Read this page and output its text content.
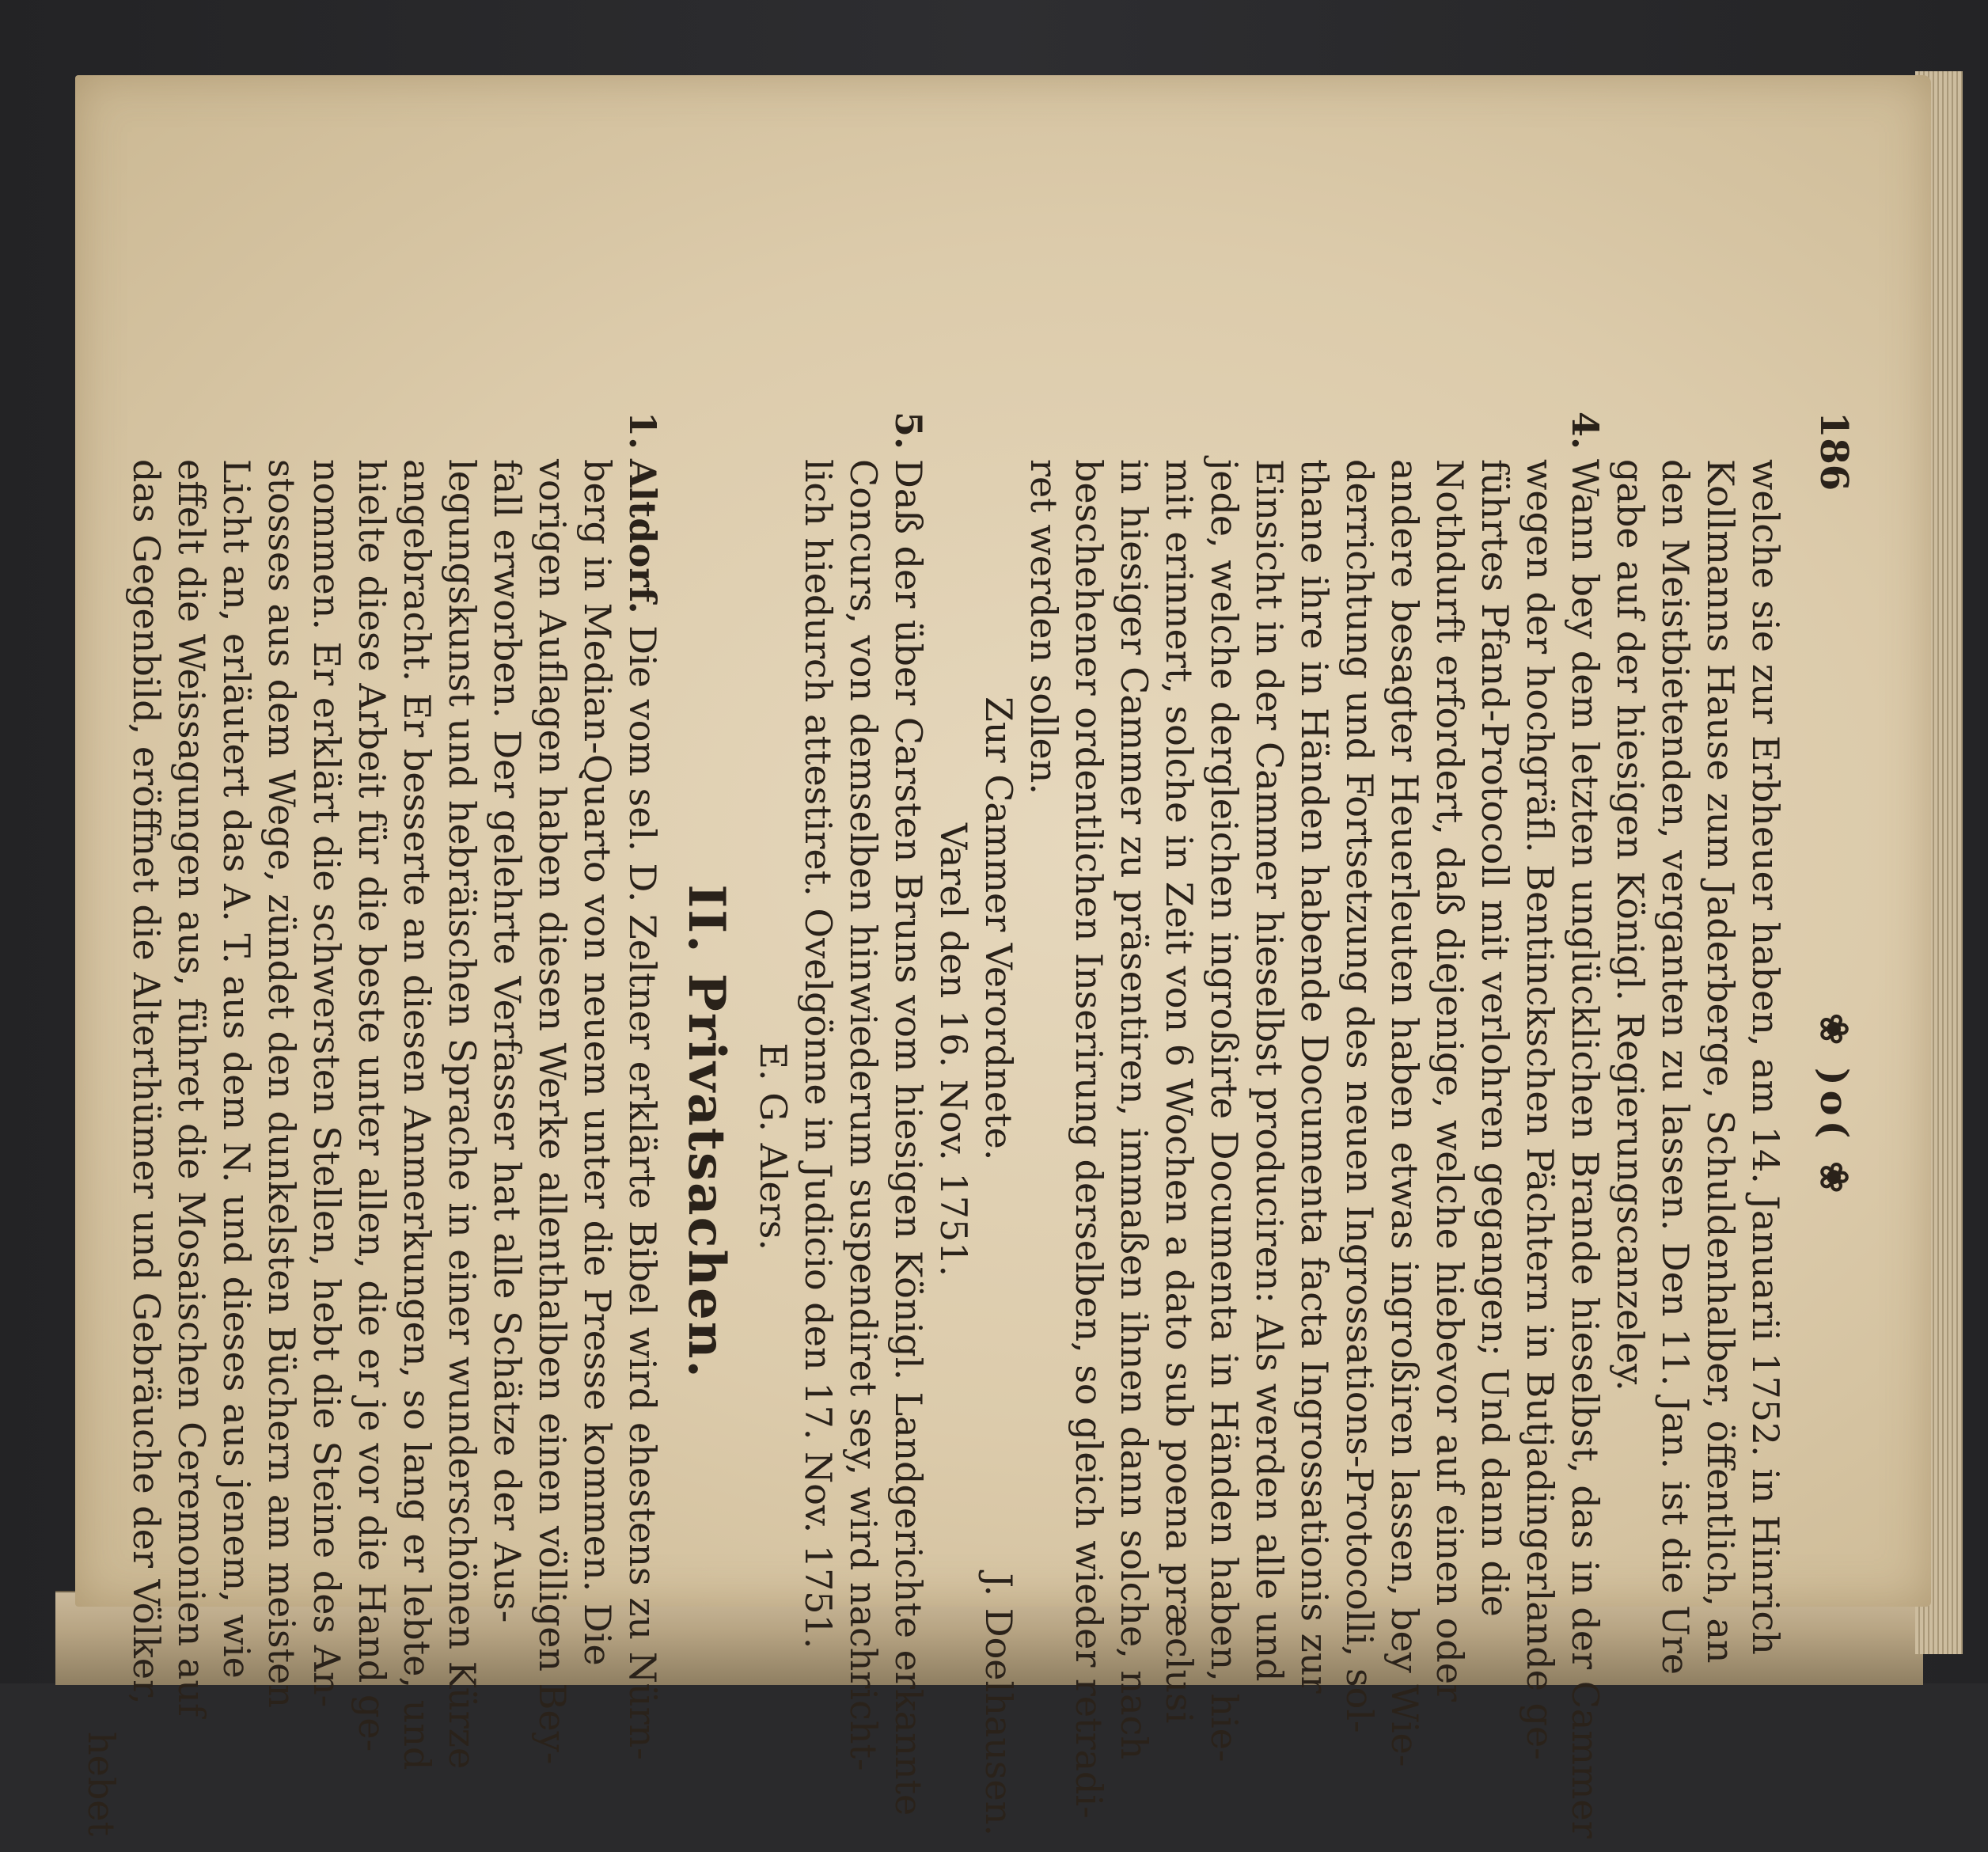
186
❀ )o( ❀
welche sie zur Erbheuer haben, am 14. Januarii 1752. in Hinrich
Kollmanns Hause zum Jaderberge, Schuldenhalber, öffentlich, an
den Meistbietenden, verganten zu lassen. Den 11. Jan. ist die Ure
gabe auf der hiesigen Königl. Regierungscanzeley.
4.Wann bey dem letzten unglücklichen Brande hieselbst, das in der Cammer
wegen der hochgräfl. Bentinckschen Pächtern in Butjadingerlande ge-
führtes Pfand-Protocoll mit verlohren gegangen; Und dann die
Nothdurft erfordert, daß diejenige, welche hiebevor auf einen oder
andere besagter Heuerleuten haben etwas ingroßiren lassen, bey Wie-
derrichtung und Fortsetzung des neuen Ingrossations-Protocolli, sol-
thane ihre in Händen habende Documenta facta Ingrossationis zur
Einsicht in der Cammer hieselbst produciren: Als werden alle und
jede, welche dergleichen ingroßirte Documenta in Händen haben, hie-
mit erinnert, solche in Zeit von 6 Wochen a dato sub poena præclusi
in hiesiger Cammer zu präsentiren, immaßen ihnen dann solche, nach
beschehener ordentlichen Inserirung derselben, so gleich wieder retradi-
ret werden sollen.
Zur Cammer Verordnete.
J. Doelhausen.
Varel den 16. Nov. 1751.
5.Daß der über Carsten Bruns vom hiesigen Königl. Landgerichte erkannte
Concurs, von demselben hinwiederum suspendiret sey, wird nachricht-
lich hiedurch attestiret. Ovelgönne in Judicio den 17. Nov. 1751.
E. G. Alers.
II. Privatsachen.
1.Altdorf. Die vom sel. D. Zeltner erklärte Bibel wird ehestens zu Nürn-
berg in Median-Quarto von neuem unter die Presse kommen. Die
vorigen Auflagen haben diesen Werke allenthalben einen völligen Bey-
fall erworben. Der gelehrte Verfasser hat alle Schätze der Aus-
legungskunst und hebräischen Sprache in einer wunderschönen Kürze
angebracht. Er besserte an diesen Anmerkungen, so lang er lebte, und
hielte diese Arbeit für die beste unter allen, die er je vor die Hand ge-
nommen. Er erklärt die schwersten Stellen, hebt die Steine des An-
stosses aus dem Wege, zündet den dunkelsten Büchern am meisten
Licht an, erläutert das A. T. aus dem N. und dieses aus jenem, wie
effelt die Weissagungen aus, führet die Mosaischen Ceremonien auf
das Gegenbild, eröffnet die Alterthümer und Gebräuche der Völker,
hebet
